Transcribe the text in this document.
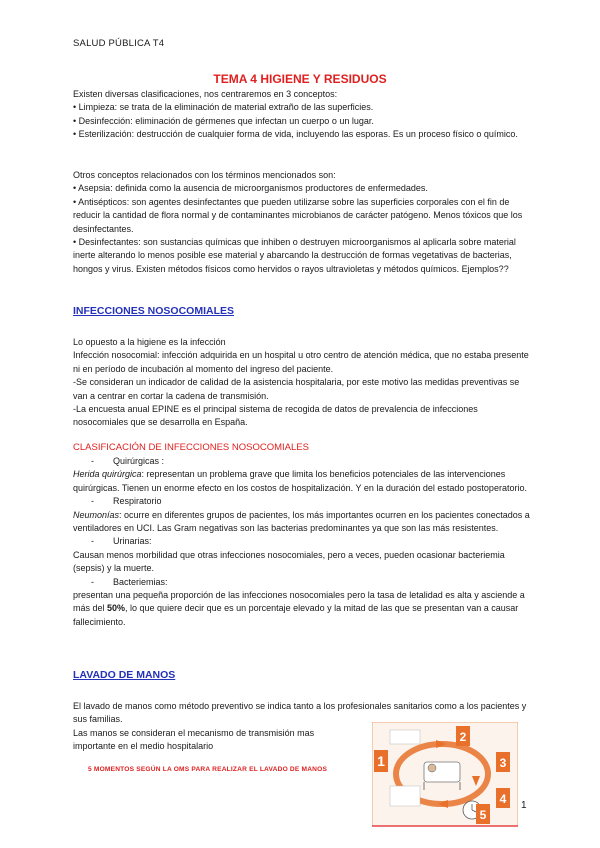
SALUD PÚBLICA T4
TEMA 4 HIGIENE Y RESIDUOS

Existen diversas clasificaciones, nos centraremos en 3 conceptos:

• Limpieza: se trata de la eliminación de material extraño de las superficies.

• Desinfección: eliminación de gérmenes que infectan un cuerpo o un lugar.

• Esterilización: destrucción de cualquier forma de vida, incluyendo las esporas. Es un proceso físico o químico.

Otros conceptos relacionados con los términos mencionados son:

• Asepsia: definida como la ausencia de microorganismos productores de enfermedades.

• Antisépticos: son agentes desinfectantes que pueden utilizarse sobre las superficies corporales con el fin de reducir la cantidad de flora normal y de contaminantes microbianos de carácter patógeno. Menos tóxicos que los desinfectantes.

• Desinfectantes: son sustancias químicas que inhiben o destruyen microorganismos al aplicarla sobre material inerte alterando lo menos posible ese material y abarcando la destrucción de formas vegetativas de bacterias, hongos y virus. Existen métodos físicos como hervidos o rayos ultravioletas y métodos químicos. Ejemplos??

INFECCIONES NOSOCOMIALES

Lo opuesto a la higiene es la infección

Infección nosocomial: infección adquirida en un hospital u otro centro de atención médica, que no estaba presente ni en período de incubación al momento del ingreso del paciente.

-Se consideran un indicador de calidad de la asistencia hospitalaria, por este motivo las medidas preventivas se van a centrar en cortar la cadena de transmisión.

-La encuesta anual EPINE es el principal sistema de recogida de datos de prevalencia de infecciones nosocomiales que se desarrolla en España.

CLASIFICACIÓN DE INFECCIONES NOSOCOMIALES

- Quirúrgicas :

Herida quirúrgica: representan un problema grave que limita los beneficios potenciales de las intervenciones quirúrgicas. Tienen un enorme efecto en los costos de hospitalización. Y en la duración del estado postoperatorio.

- Respiratorio

Neumonías: ocurre en diferentes grupos de pacientes, los más importantes ocurren en los pacientes conectados a ventiladores en UCI. Las Gram negativas son las bacterias predominantes ya que son las más resistentes.

- Urinarias:

Causan menos morbilidad que otras infecciones nosocomiales, pero a veces, pueden ocasionar bacteriemia (sepsis) y la muerte.

- Bacteriemias:

presentan una pequeña proporción de las infecciones nosocomiales pero la tasa de letalidad es alta y asciende a más del 50%, lo que quiere decir que es un porcentaje elevado y la mitad de las que se presentan van a causar fallecimiento.

LAVADO DE MANOS

El lavado de manos como método preventivo se indica tanto a los profesionales sanitarios como a los pacientes y sus familias.

Las manos se consideran el mecanismo de transmisión mas importante en el medio hospitalario

5 MOMENTOS SEGÚN LA OMS PARA REALIZAR EL LAVADO DE MANOS
1
2
3
4
5
1
